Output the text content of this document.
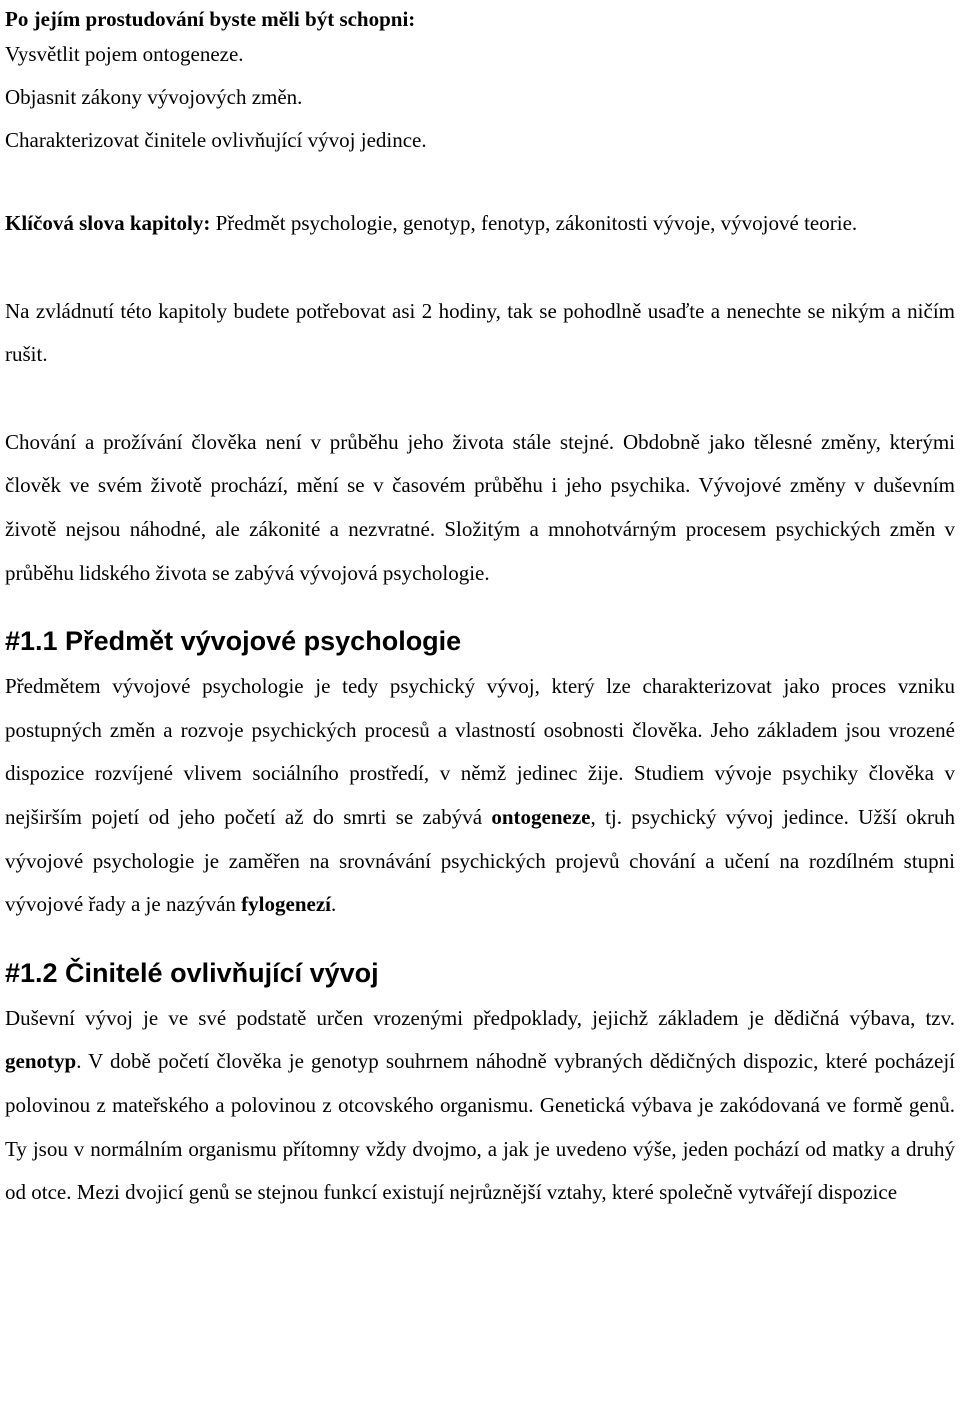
Po jejím prostudování byste měli být schopni:
Vysvětlit pojem ontogeneze.
Objasnit zákony vývojových změn.
Charakterizovat činitele ovlivňující vývoj jedince.

Klíčová slova kapitoly: Předmět psychologie, genotyp, fenotyp, zákonitosti vývoje, vývojové teorie.

Na zvládnutí této kapitoly budete potřebovat asi 2 hodiny, tak se pohodlně usaďte a nenechte se nikým a ničím rušit.

Chování a prožívání člověka není v průběhu jeho života stále stejné. Obdobně jako tělesné změny, kterými člověk ve svém životě prochází, mění se v časovém průběhu i jeho psychika. Vývojové změny v duševním životě nejsou náhodné, ale zákonité a nezvratné. Složitým a mnohotvárným procesem psychických změn v průběhu lidského života se zabývá vývojová psychologie.

#1.1 Předmět vývojové psychologie

Předmětem vývojové psychologie je tedy psychický vývoj, který lze charakterizovat jako proces vzniku postupných změn a rozvoje psychických procesů a vlastností osobnosti člověka. Jeho základem jsou vrozené dispozice rozvíjené vlivem sociálního prostředí, v němž jedinec žije. Studiem vývoje psychiky člověka v nejširším pojetí od jeho početí až do smrti se zabývá ontogeneze, tj. psychický vývoj jedince. Užší okruh vývojové psychologie je zaměřen na srovnávání psychických projevů chování a učení na rozdílném stupni vývojové řady a je nazýván fylogenezí.

#1.2 Činitelé ovlivňující vývoj

Duševní vývoj je ve své podstatě určen vrozenými předpoklady, jejichž základem je dědičná výbava, tzv. genotyp. V době početí člověka je genotyp souhrnem náhodně vybraných dědičných dispozic, které pocházejí polovinou z mateřského a polovinou z otcovského organismu. Genetická výbava je zakódovaná ve formě genů. Ty jsou v normálním organismu přítomny vždy dvojmo, a jak je uvedeno výše, jeden pochází od matky a druhý od otce. Mezi dvojicí genů se stejnou funkcí existují nejrůznější vztahy, které společně vytvářejí dispozice
